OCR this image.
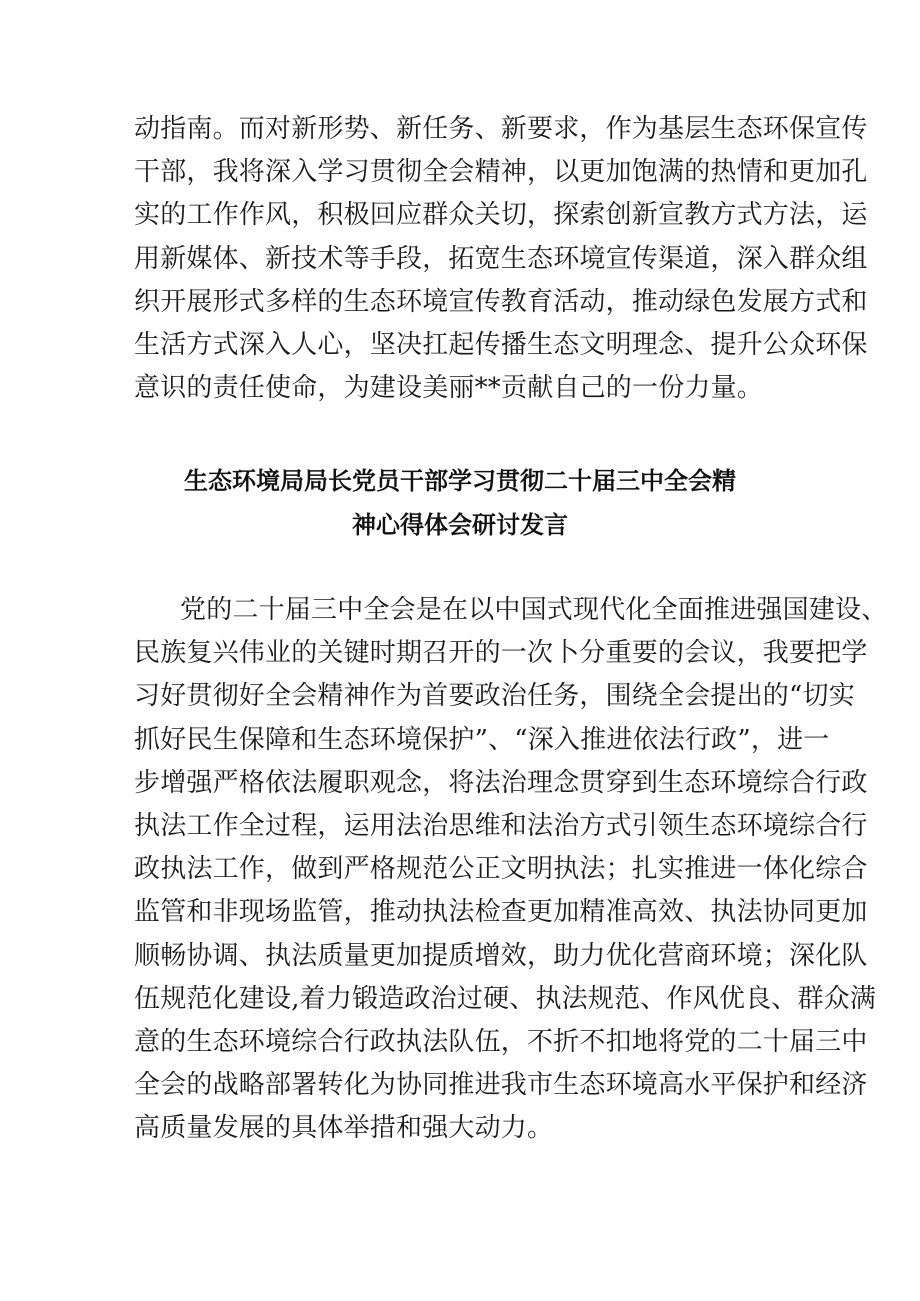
动指南。而对新形势、新任务、新要求，作为基层生态环保宣传
干部，我将深入学习贯彻全会精神，以更加饱满的热情和更加孔
实的工作作风，积极回应群众关切，探索创新宣教方式方法，运
用新媒体、新技术等手段，拓宽生态环境宣传渠道，深入群众组
织开展形式多样的生态环境宣传教育活动，推动绿色发展方式和
生活方式深入人心，坚决扛起传播生态文明理念、提升公众环保
意识的责任使命，为建设美丽**贡献自己的一份力量。
生态环境局局长党员干部学习贯彻二十届三中全会精
神心得体会研讨发言
党的二十届三中全会是在以中国式现代化全面推进强国建设、
民族复兴伟业的关键时期召开的一次卜分重要的会议，我要把学
习好贯彻好全会精神作为首要政治任务，围绕全会提出的“切实
抓好民生保障和生态环境保护”、“深入推进依法行政”，进一
步增强严格依法履职观念，将法治理念贯穿到生态环境综合行政
执法工作全过程，运用法治思维和法治方式引领生态环境综合行
政执法工作，做到严格规范公正文明执法；扎实推进一体化综合
监管和非现场监管，推动执法检查更加精准高效、执法协同更加
顺畅协调、执法质量更加提质增效，助力优化营商环境；深化队
伍规范化建设,着力锻造政治过硬、执法规范、作风优良、群众满
意的生态环境综合行政执法队伍，不折不扣地将党的二十届三中
全会的战略部署转化为协同推进我市生态环境高水平保护和经济
高质量发展的具体举措和强大动力。
